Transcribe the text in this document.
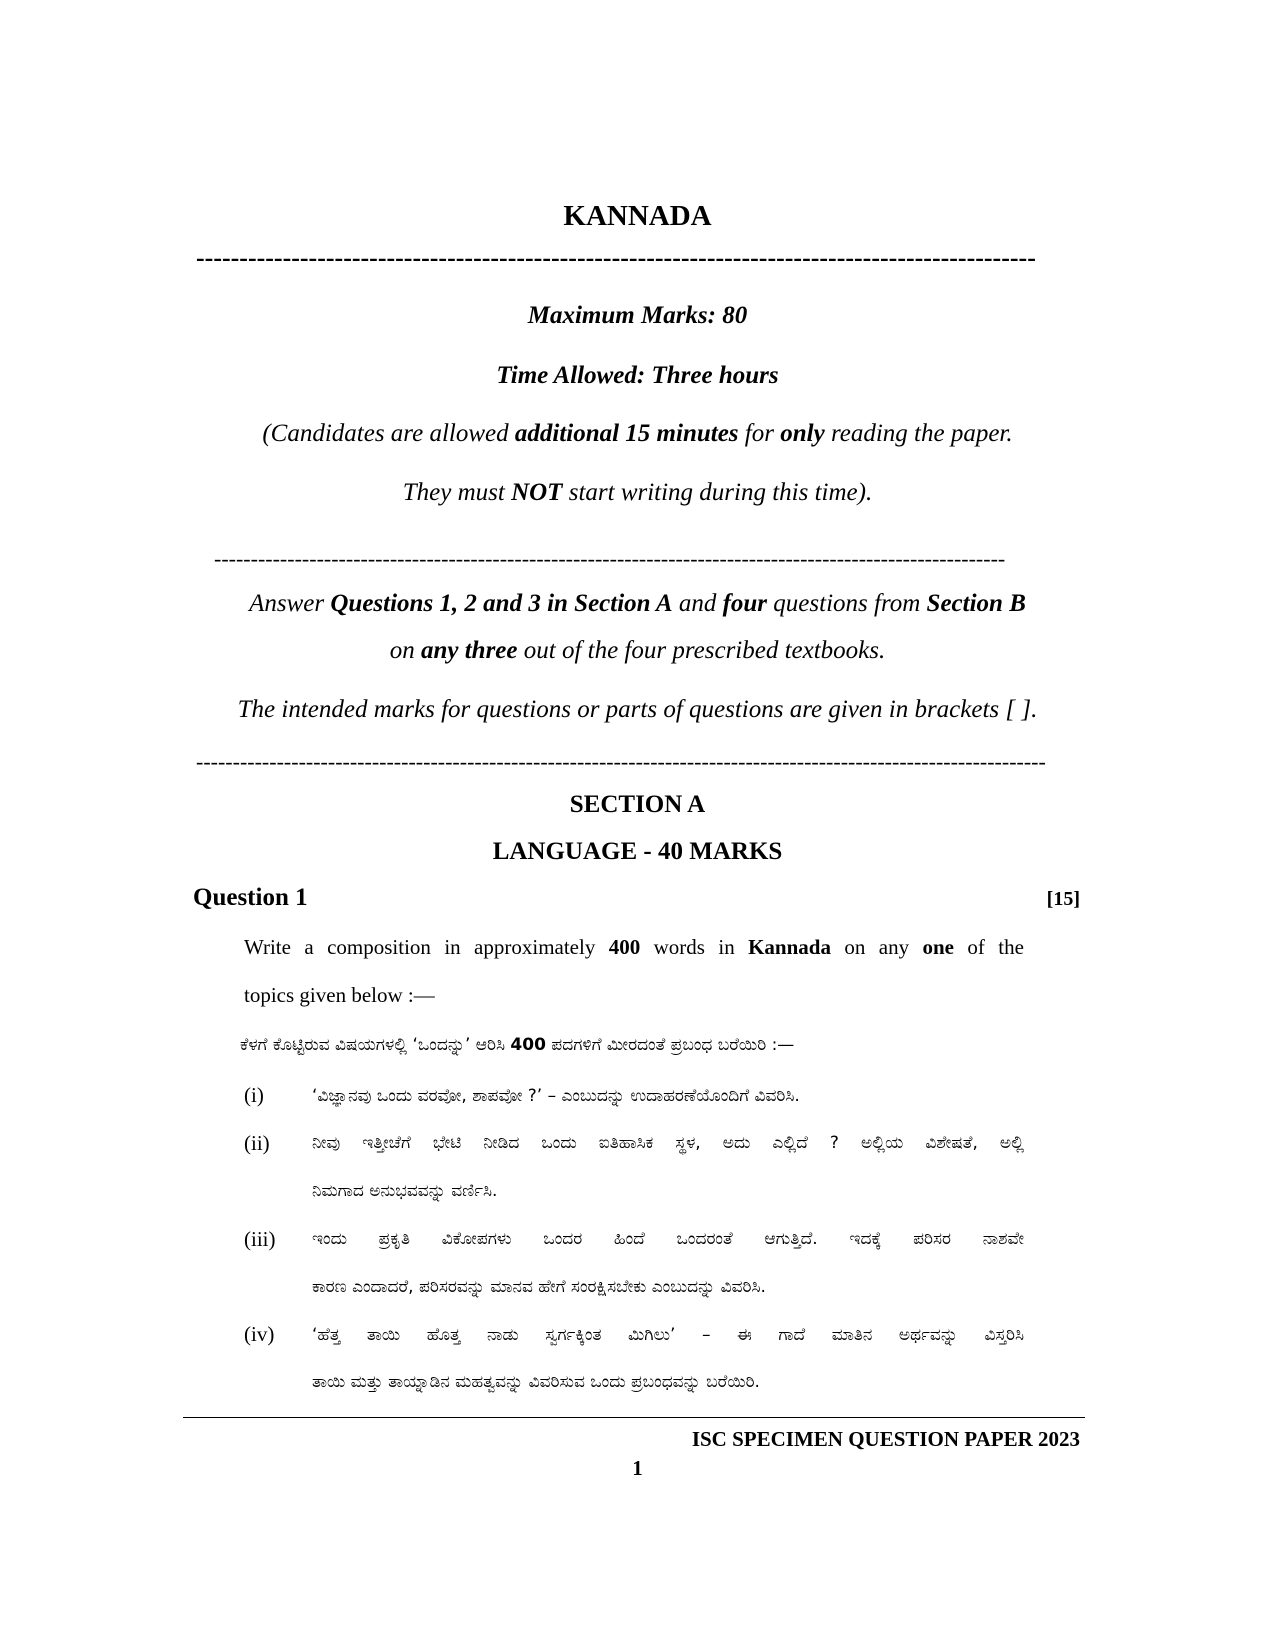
KANNADA
-------------------------------------------------------------------------------------------------
Maximum Marks: 80
Time Allowed: Three hours
(Candidates are allowed additional 15 minutes for only reading the paper.
They must NOT start writing during this time).
------------------------------------------------------------------------------------------------------------
Answer Questions 1, 2 and 3 in Section A and four questions from Section B
on any three out of the four prescribed textbooks.
The intended marks for questions or parts of questions are given in brackets [ ].
--------------------------------------------------------------------------------------------------------------------
SECTION A
LANGUAGE - 40 MARKS
Question 1	[15]
Write a composition in approximately 400 words in Kannada on any one of the
topics given below :—
ಕೆಳಗೆ ಕೊಟ್ಟಿರುವ ವಿಷಯಗಳಲ್ಲಿ ‘ಒಂದನ್ನು’ ಆರಿಸಿ 400 ಪದಗಳಿಗೆ ಮೀರದಂತೆ ಪ್ರಬಂಧ ಬರೆಯಿರಿ :—
(i)	‘ವಿಜ್ಞಾನವು ಒಂದು ವರವೋ, ಶಾಪವೋ ?’ – ಎಂಬುದನ್ನು ಉದಾಹರಣೆಯೊಂದಿಗೆ ವಿವರಿಸಿ.
(ii) ನೀವು ಇತ್ತೀಚೆಗೆ ಭೇಟಿ ನೀಡಿದ ಒಂದು ಐತಿಹಾಸಿಕ ಸ್ಥಳ, ಅದು ಎಲ್ಲಿದೆ ? ಅಲ್ಲಿಯ ವಿಶೇಷತೆ, ಅಲ್ಲಿ
ನಿಮಗಾದ ಅನುಭವವನ್ನು ವರ್ಣಿಸಿ.
(iii) ಇಂದು ಪ್ರಕೃತಿ ವಿಕೋಪಗಳು ಒಂದರ ಹಿಂದೆ ಒಂದರಂತೆ ಆಗುತ್ತಿದೆ. ಇದಕ್ಕೆ ಪರಿಸರ ನಾಶವೇ
ಕಾರಣ ಎಂದಾದರೆ, ಪರಿಸರವನ್ನು ಮಾನವ ಹೇಗೆ ಸಂರಕ್ಷಿಸಬೇಕು ಎಂಬುದನ್ನು ವಿವರಿಸಿ.
(iv) ‘ಹೆತ್ತ ತಾಯಿ ಹೊತ್ತ ನಾಡು ಸ್ವರ್ಗಕ್ಕಿಂತ ಮಿಗಿಲು’ – ಈ ಗಾದೆ ಮಾತಿನ ಅರ್ಥವನ್ನು ವಿಸ್ತರಿಸಿ
ತಾಯಿ ಮತ್ತು ತಾಯ್ನಾಡಿನ ಮಹತ್ವವನ್ನು ವಿವರಿಸುವ ಒಂದು ಪ್ರಬಂಧವನ್ನು ಬರೆಯಿರಿ.
ISC SPECIMEN QUESTION PAPER 2023
1
